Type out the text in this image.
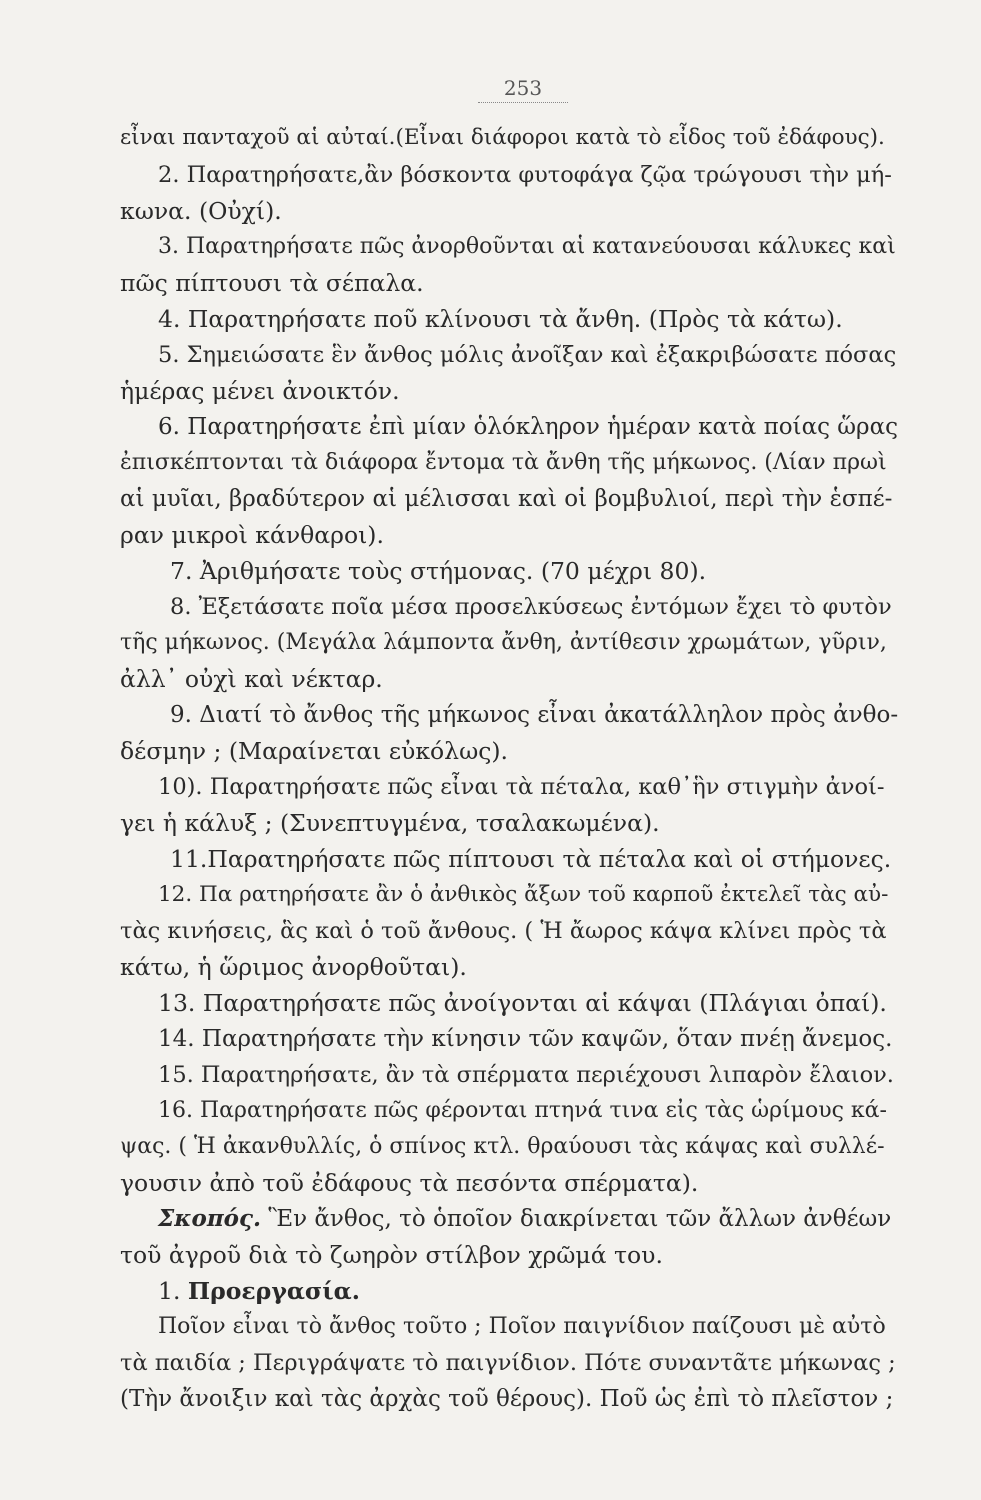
253
εἶναι πανταχοῦ αἱ αὐταί.(Εἶναι διάφοροι κατὰ τὸ εἶδος τοῦ ἐδάφους).
2. Παρατηρήσατε,ἂν βόσκοντα φυτοφάγα ζῷα τρώγουσι τὴν μή-
κωνα. (Οὐχί).
3. Παρατηρήσατε πῶς ἀνορθοῦνται αἱ κατανεύουσαι κάλυκες καὶ
πῶς πίπτουσι τὰ σέπαλα.
4. Παρατηρήσατε ποῦ κλίνουσι τὰ ἄνθη. (Πρὸς τὰ κάτω).
5. Σημειώσατε ἓν ἄνθος μόλις ἀνοῖξαν καὶ ἐξακριβώσατε πόσας
ἡμέρας μένει ἀνοικτόν.
6. Παρατηρήσατε ἐπὶ μίαν ὁλόκληρον ἡμέραν κατὰ ποίας ὥρας
ἐπισκέπτονται τὰ διάφορα ἔντομα τὰ ἄνθη τῆς μήκωνος. (Λίαν πρωὶ
αἱ μυῖαι, βραδύτερον αἱ μέλισσαι καὶ οἱ βομβυλιοί, περὶ τὴν ἑσπέ-
ραν μικροὶ κάνθαροι).
7. Ἀριθμήσατε τοὺς στήμονας. (70 μέχρι 80).
8. Ἐξετάσατε ποῖα μέσα προσελκύσεως ἐντόμων ἔχει τὸ φυτὸν
τῆς μήκωνος. (Μεγάλα λάμποντα ἄνθη, ἀντίθεσιν χρωμάτων, γῦριν,
ἀλλ᾽ οὐχὶ καὶ νέκταρ.
9. Διατί τὸ ἄνθος τῆς μήκωνος εἶναι ἀκατάλληλον πρὸς ἀνθο-
δέσμην ; (Μαραίνεται εὐκόλως).
10). Παρατηρήσατε πῶς εἶναι τὰ πέταλα, καθ᾽ἣν στιγμὴν ἀνοί-
γει ἡ κάλυξ ; (Συνεπτυγμένα, τσαλακωμένα).
11.Παρατηρήσατε πῶς πίπτουσι τὰ πέταλα καὶ οἱ στήμονες.
12. Πα ρατηρήσατε ἂν ὁ ἀνθικὸς ἄξων τοῦ καρποῦ ἐκτελεῖ τὰς αὐ-
τὰς κινήσεις, ἃς καὶ ὁ τοῦ ἄνθους. ( Ἡ ἄωρος κάψα κλίνει πρὸς τὰ
κάτω, ἡ ὥριμος ἀνορθοῦται).
13. Παρατηρήσατε πῶς ἀνοίγονται αἱ κάψαι (Πλάγιαι ὀπαί).
14. Παρατηρήσατε τὴν κίνησιν τῶν καψῶν, ὅταν πνέῃ ἄνεμος.
15. Παρατηρήσατε, ἂν τὰ σπέρματα περιέχουσι λιπαρὸν ἔλαιον.
16. Παρατηρήσατε πῶς φέρονται πτηνά τινα εἰς τὰς ὡρίμους κά-
ψας. ( Ἡ ἀκανθυλλίς, ὁ σπίνος κτλ. θραύουσι τὰς κάψας καὶ συλλέ-
γουσιν ἀπὸ τοῦ ἐδάφους τὰ πεσόντα σπέρματα).
Σκοπός. Ἓν ἄνθος, τὸ ὁποῖον διακρίνεται τῶν ἄλλων ἀνθέων
τοῦ ἀγροῦ διὰ τὸ ζωηρὸν στίλβον χρῶμά του.
1. Προεργασία.
Ποῖον εἶναι τὸ ἄνθος τοῦτο ; Ποῖον παιγνίδιον παίζουσι μὲ αὐτὸ
τὰ παιδία ; Περιγράψατε τὸ παιγνίδιον. Πότε συναντᾶτε μήκωνας ;
(Τὴν ἄνοιξιν καὶ τὰς ἀρχὰς τοῦ θέρους). Ποῦ ὡς ἐπὶ τὸ πλεῖστον ;
